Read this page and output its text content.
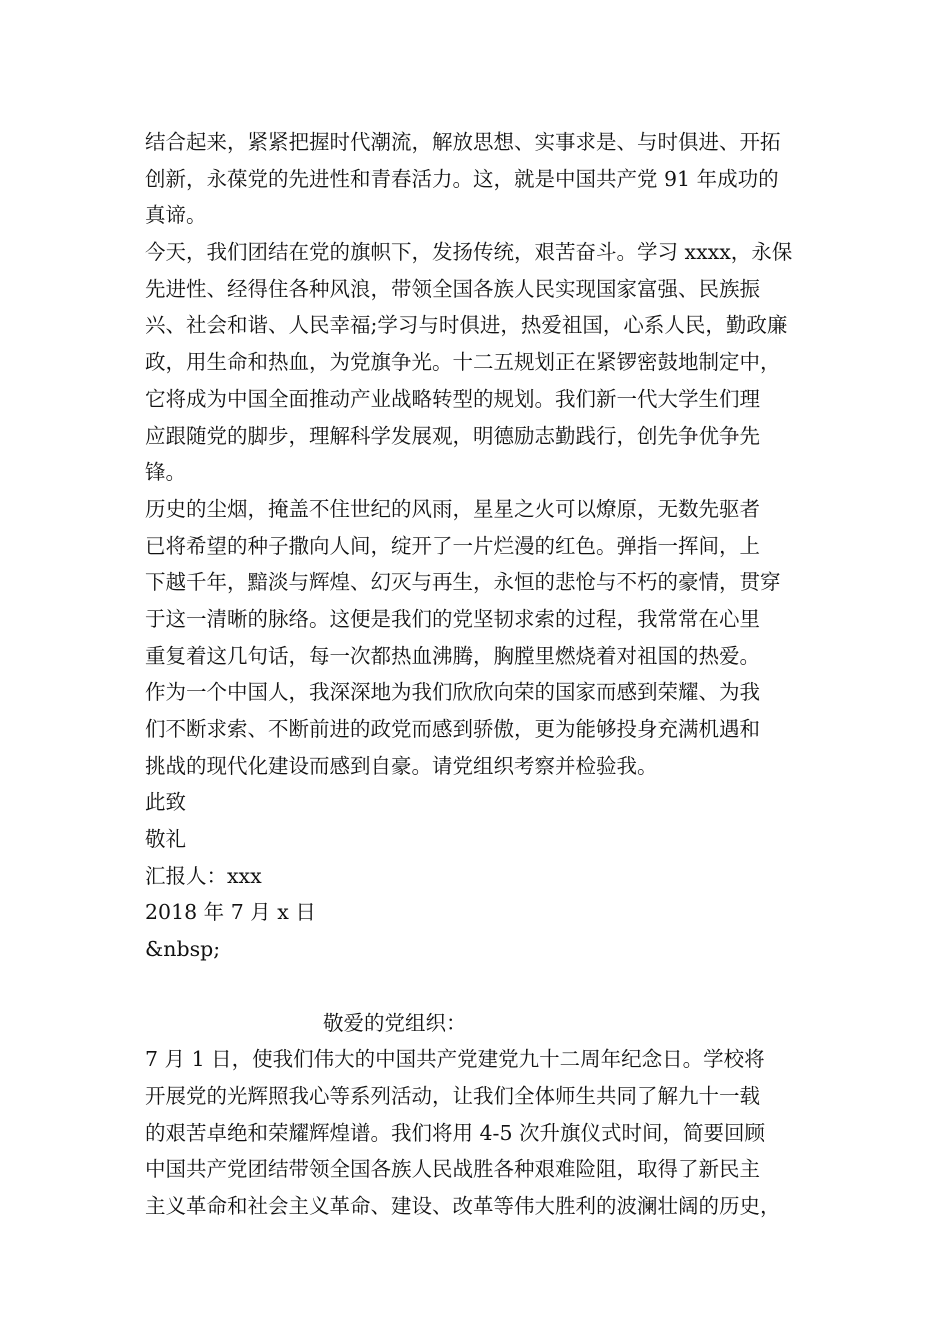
结合起来，紧紧把握时代潮流，解放思想、实事求是、与时俱进、开拓
创新，永葆党的先进性和青春活力。这，就是中国共产党 91 年成功的
真谛。

今天，我们团结在党的旗帜下，发扬传统，艰苦奋斗。学习 xxxx，永保
先进性、经得住各种风浪，带领全国各族人民实现国家富强、民族振
兴、社会和谐、人民幸福;学习与时俱进，热爱祖国，心系人民，勤政廉
政，用生命和热血，为党旗争光。十二五规划正在紧锣密鼓地制定中，
它将成为中国全面推动产业战略转型的规划。我们新一代大学生们理
应跟随党的脚步，理解科学发展观，明德励志勤践行，创先争优争先
锋。

历史的尘烟，掩盖不住世纪的风雨，星星之火可以燎原，无数先驱者
已将希望的种子撒向人间，绽开了一片烂漫的红色。弹指一挥间，上
下越千年，黯淡与辉煌、幻灭与再生，永恒的悲怆与不朽的豪情，贯穿
于这一清晰的脉络。这便是我们的党坚韧求索的过程，我常常在心里
重复着这几句话，每一次都热血沸腾，胸膛里燃烧着对祖国的热爱。
作为一个中国人，我深深地为我们欣欣向荣的国家而感到荣耀、为我
们不断求索、不断前进的政党而感到骄傲，更为能够投身充满机遇和
挑战的现代化建设而感到自豪。请党组织考察并检验我。

此致
敬礼
汇报人：xxx
2018 年 7 月 x 日
&nbsp;
敬爱的党组织：

7 月 1 日，使我们伟大的中国共产党建党九十二周年纪念日。学校将
开展党的光辉照我心等系列活动，让我们全体师生共同了解九十一载
的艰苦卓绝和荣耀辉煌谱。我们将用 4-5 次升旗仪式时间，简要回顾
中国共产党团结带领全国各族人民战胜各种艰难险阻，取得了新民主
主义革命和社会主义革命、建设、改革等伟大胜利的波澜壮阔的历史，
